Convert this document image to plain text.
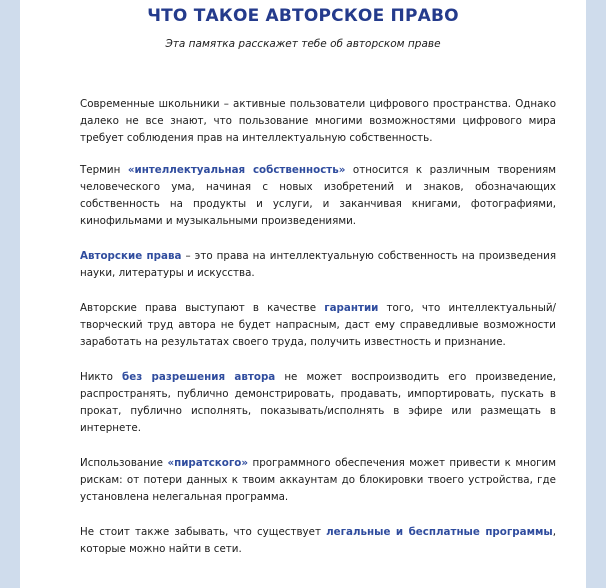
ЧТО ТАКОЕ АВТОРСКОЕ ПРАВО
Эта памятка расскажет тебе об авторском праве

Современные школьники – активные пользователи цифрового пространства. Однако далеко не все знают, что пользование многими возможностями цифрового мира требует соблюдения прав на интеллектуальную собственность.

Термин «интеллектуальная собственность» относится к различным творениям человеческого ума, начиная с новых изобретений и знаков, обозначающих собственность на продукты и услуги, и заканчивая книгами, фотографиями, кинофильмами и музыкальными произведениями.

Авторские права – это права на интеллектуальную собственность на произведения науки, литературы и искусства.

Авторские права выступают в качестве гарантии того, что интеллектуальный/творческий труд автора не будет напрасным, даст ему справедливые возможности заработать на результатах своего труда, получить известность и признание.

Никто без разрешения автора не может воспроизводить его произведение, распространять, публично демонстрировать, продавать, импортировать, пускать в прокат, публично исполнять, показывать/исполнять в эфире или размещать в интернете.

Использование «пиратского» программного обеспечения может привести к многим рискам: от потери данных к твоим аккаунтам до блокировки твоего устройства, где установлена нелегальная программа.

Не стоит также забывать, что существует легальные и бесплатные программы, которые можно найти в сети.
